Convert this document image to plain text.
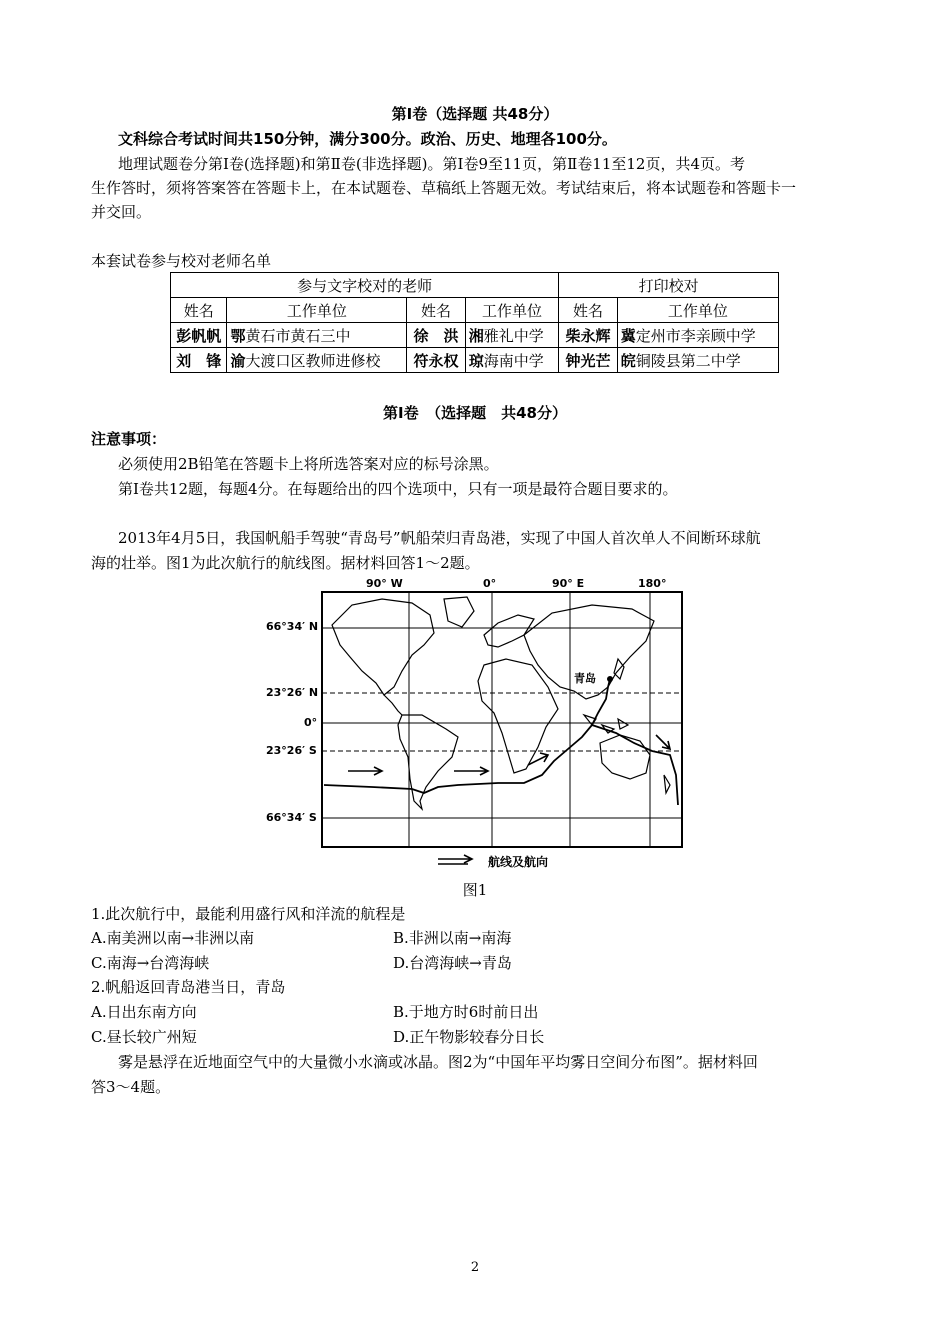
第Ⅰ卷（选择题 共48分）
文科综合考试时间共150分钟，满分300分。政治、历史、地理各100分。
地理试题卷分第Ⅰ卷(选择题)和第Ⅱ卷(非选择题)。第Ⅰ卷9至11页，第Ⅱ卷11至12页，共4页。考
生作答时，须将答案答在答题卡上，在本试题卷、草稿纸上答题无效。考试结束后，将本试题卷和答题卡一
并交回。
本套试卷参与校对老师名单
参与文字校对的老师				打印校对	
姓名	工作单位	姓名	工作单位	姓名	工作单位
彭帆帆	鄂黄石市黄石三中	徐　洪	湘雅礼中学	柴永辉	冀定州市李亲顾中学
刘　锋	渝大渡口区教师进修校	符永权	琼海南中学	钟光芒	皖铜陵县第二中学
第Ⅰ卷　（选择题　共48分）
注意事项：
必须使用2B铅笔在答题卡上将所选答案对应的标号涂黑。
第Ⅰ卷共12题，每题4分。在每题给出的四个选项中，只有一项是最符合题目要求的。
2013年4月5日，我国帆船手驾驶“青岛号”帆船荣归青岛港，实现了中国人首次单人不间断环球航
海的壮举。图1为此次航行的航线图。据材料回答1～2题。
90° W	0°	90° E	180°
66°34′ N
23°26′ N
0°
23°26′ S
66°34′ S
青岛
航线及航向
图1
1.此次航行中，最能利用盛行风和洋流的航程是
A.南美洲以南→非洲以南	B.非洲以南→南海
C.南海→台湾海峡	D.台湾海峡→青岛
2.帆船返回青岛港当日，青岛
A.日出东南方向	B.于地方时6时前日出
C.昼长较广州短	D.正午物影较春分日长
雾是悬浮在近地面空气中的大量微小水滴或冰晶。图2为“中国年平均雾日空间分布图”。据材料回
答3～4题。
2
